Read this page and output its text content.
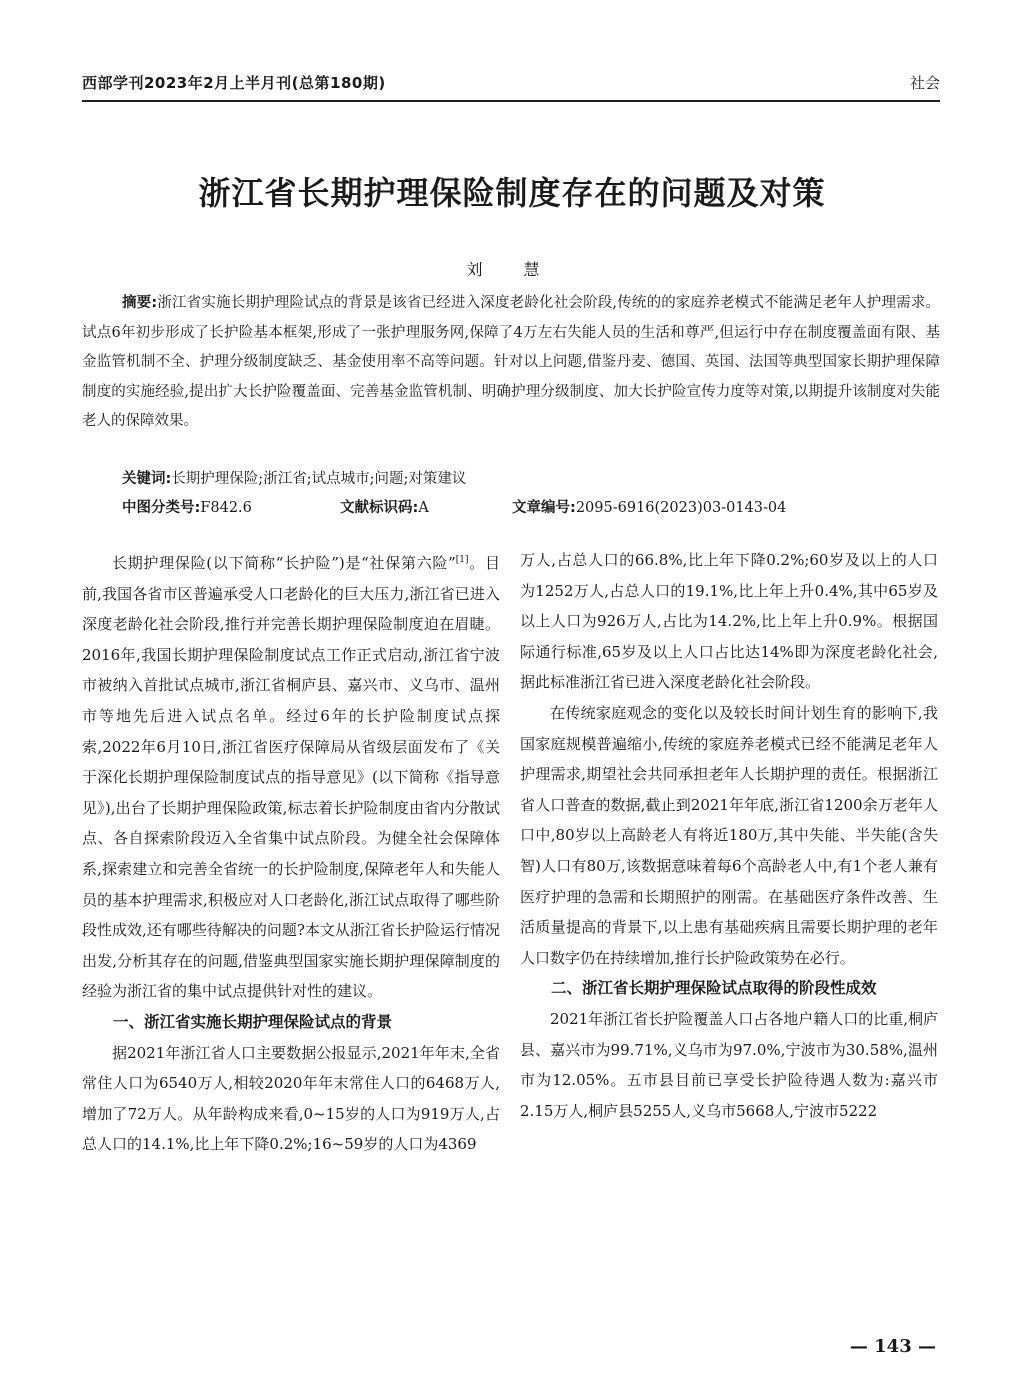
西部学刊2023年2月上半月刊(总第180期)	社会
浙江省长期护理保险制度存在的问题及对策
刘 慧

摘要:浙江省实施长期护理险试点的背景是该省已经进入深度老龄化社会阶段,传统的的家庭养老模式不能满足老年人护理需求。试点6年初步形成了长护险基本框架,形成了一张护理服务网,保障了4万左右失能人员的生活和尊严,但运行中存在制度覆盖面有限、基金监管机制不全、护理分级制度缺乏、基金使用率不高等问题。针对以上问题,借鉴丹麦、德国、英国、法国等典型国家长期护理保障制度的实施经验,提出扩大长护险覆盖面、完善基金监管机制、明确护理分级制度、加大长护险宣传力度等对策,以期提升该制度对失能老人的保障效果。

关键词:长期护理保险;浙江省;试点城市;问题;对策建议
中图分类号:F842.6	文献标识码:A	文章编号:2095-6916(2023)03-0143-04

长期护理保险(以下简称“长护险”)是“社保第六险”[1]。目前,我国各省市区普遍承受人口老龄化的巨大压力,浙江省已进入深度老龄化社会阶段,推行并完善长期护理保险制度迫在眉睫。2016年,我国长期护理保险制度试点工作正式启动,浙江省宁波市被纳入首批试点城市,浙江省桐庐县、嘉兴市、义乌市、温州市等地先后进入试点名单。经过6年的长护险制度试点探索,2022年6月10日,浙江省医疗保障局从省级层面发布了《关于深化长期护理保险制度试点的指导意见》(以下简称《指导意见》),出台了长期护理保险政策,标志着长护险制度由省内分散试点、各自探索阶段迈入全省集中试点阶段。为健全社会保障体系,探索建立和完善全省统一的长护险制度,保障老年人和失能人员的基本护理需求,积极应对人口老龄化,浙江试点取得了哪些阶段性成效,还有哪些待解决的问题?本文从浙江省长护险运行情况出发,分析其存在的问题,借鉴典型国家实施长期护理保障制度的经验为浙江省的集中试点提供针对性的建议。

一、浙江省实施长期护理保险试点的背景

据2021年浙江省人口主要数据公报显示,2021年年末,全省常住人口为6540万人,相较2020年年末常住人口的6468万人,增加了72万人。从年龄构成来看,0~15岁的人口为919万人,占总人口的14.1%,比上年下降0.2%;16~59岁的人口为4369

万人,占总人口的66.8%,比上年下降0.2%;60岁及以上的人口为1252万人,占总人口的19.1%,比上年上升0.4%,其中65岁及以上人口为926万人,占比为14.2%,比上年上升0.9%。根据国际通行标准,65岁及以上人口占比达14%即为深度老龄化社会,据此标准浙江省已进入深度老龄化社会阶段。

在传统家庭观念的变化以及较长时间计划生育的影响下,我国家庭规模普遍缩小,传统的家庭养老模式已经不能满足老年人护理需求,期望社会共同承担老年人长期护理的责任。根据浙江省人口普查的数据,截止到2021年年底,浙江省1200余万老年人口中,80岁以上高龄老人有将近180万,其中失能、半失能(含失智)人口有80万,该数据意味着每6个高龄老人中,有1个老人兼有医疗护理的急需和长期照护的刚需。在基础医疗条件改善、生活质量提高的背景下,以上患有基础疾病且需要长期护理的老年人口数字仍在持续增加,推行长护险政策势在必行。

二、浙江省长期护理保险试点取得的阶段性成效

2021年浙江省长护险覆盖人口占各地户籍人口的比重,桐庐县、嘉兴市为99.71%,义乌市为97.0%,宁波市为30.58%,温州市为12.05%。五市县目前已享受长护险待遇人数为:嘉兴市2.15万人,桐庐县5255人,义乌市5668人,宁波市5222

— 143 —
